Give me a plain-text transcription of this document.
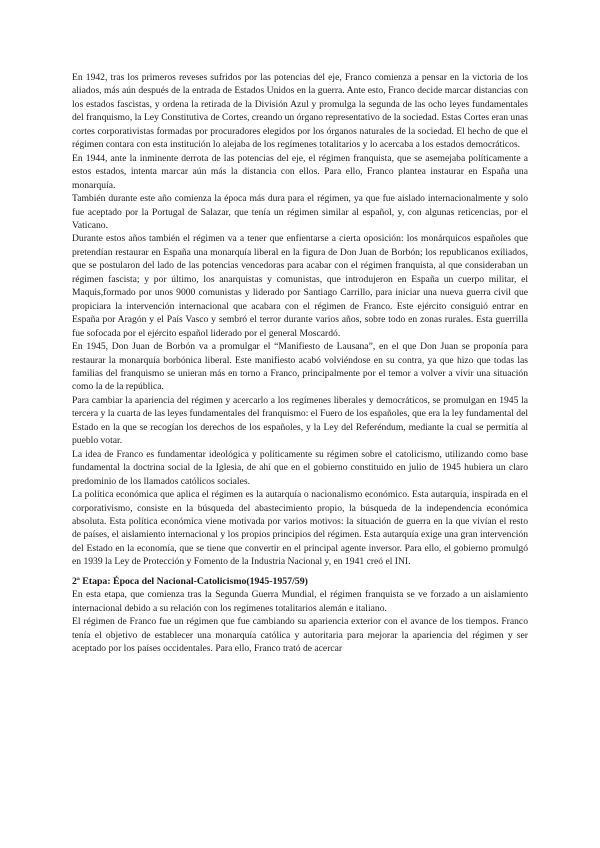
En 1942, tras los primeros reveses sufridos por las potencias del eje, Franco comienza a pensar en la victoria de los aliados, más aún después de la entrada de Estados Unidos en la guerra. Ante esto, Franco decide marcar distancias con los estados fascistas, y ordena la retirada de la División Azul y promulga la segunda de las ocho leyes fundamentales del franquismo, la Ley Constitutiva de Cortes, creando un órgano representativo de la sociedad. Estas Cortes eran unas cortes corporativistas formadas por procuradores elegidos por los órganos naturales de la sociedad. El hecho de que el régimen contara con esta institución lo alejaba de los regímenes totalitarios y lo acercaba a los estados democráticos.

En 1944, ante la inminente derrota de las potencias del eje, el régimen franquista, que se asemejaba políticamente a estos estados, intenta marcar aún más la distancia con ellos. Para ello, Franco plantea instaurar en España una monarquía.

También durante este año comienza la época más dura para el régimen, ya que fue aislado internacionalmente y solo fue aceptado por la Portugal de Salazar, que tenía un régimen similar al español, y, con algunas reticencias, por el Vaticano.

Durante estos años también el régimen va a tener que enfientarse a cierta oposición: los monárquicos españoles que pretendían restaurar en España una monarquía liberal en la figura de Don Juan de Borbón; los republicanos exiliados, que se postularon del lado de las potencias vencedoras para acabar con el régimen franquista, al que consideraban un régimen fascista; y por último, los anarquistas y comunistas, que introdujeron en España un cuerpo militar, el Maquis,formado por unos 9000 comunistas y liderado por Santiago Carrillo, para iniciar una nueva guerra civil que propiciara la intervención internacional que acabara con el régimen de Franco. Este ejército consiguió entrar en España por Aragón y el País Vasco y sembró el terror durante varios años, sobre todo en zonas rurales. Esta guerrilla fue sofocada por el ejército español liderado por el general Moscardó.

En 1945, Don Juan de Borbón va a promulgar el “Manifiesto de Lausana”, en el que Don Juan se proponía para restaurar la monarquía borbónica liberal. Este manifiesto acabó volviéndose en su contra, ya que hizo que todas las familias del franquismo se unieran más en torno a Franco, principalmente por el temor a volver a vivir una situación como la de la república.

Para cambiar la apariencia del régimen y acercarlo a los regímenes liberales y democráticos, se promulgan en 1945 la tercera y la cuarta de las leyes fundamentales del franquismo: el Fuero de los españoles, que era la ley fundamental del Estado en la que se recogían los derechos de los españoles, y la Ley del Referéndum, mediante la cual se permitía al pueblo votar.

La idea de Franco es fundamentar ideológica y políticamente su régimen sobre el catolicismo, utilizando como base fundamental la doctrina social de la Iglesia, de ahí que en el gobierno constituido en julio de 1945 hubiera un claro predominio de los llamados católicos sociales.

La política económica que aplica el régimen es la autarquía o nacionalismo económico. Esta autarquía, inspirada en el corporativismo, consiste en la búsqueda del abastecimiento propio, la búsqueda de la independencia económica absoluta. Esta política económica viene motivada por varios motivos: la situación de guerra en la que vivían el resto de países, el aislamiento internacional y los propios principios del régimen. Esta autarquía exige una gran intervención del Estado en la economía, que se tiene que convertir en el principal agente inversor. Para ello, el gobierno promulgó en 1939 la Ley de Protección y Fomento de la Industria Nacional y, en 1941 creó el INI.

2ª Etapa: Época del Nacional-Catolicismo(1945-1957/59)

En esta etapa, que comienza tras la Segunda Guerra Mundial, el régimen franquista se ve forzado a un aislamiento internacional debido a su relación con los regímenes totalitarios alemán e italiano.

El régimen de Franco fue un régimen que fue cambiando su apariencia exterior con el avance de los tiempos. Franco tenía el objetivo de establecer una monarquía católica y autoritaria para mejorar la apariencia del régimen y ser aceptado por los países occidentales. Para ello, Franco trató de acercar
